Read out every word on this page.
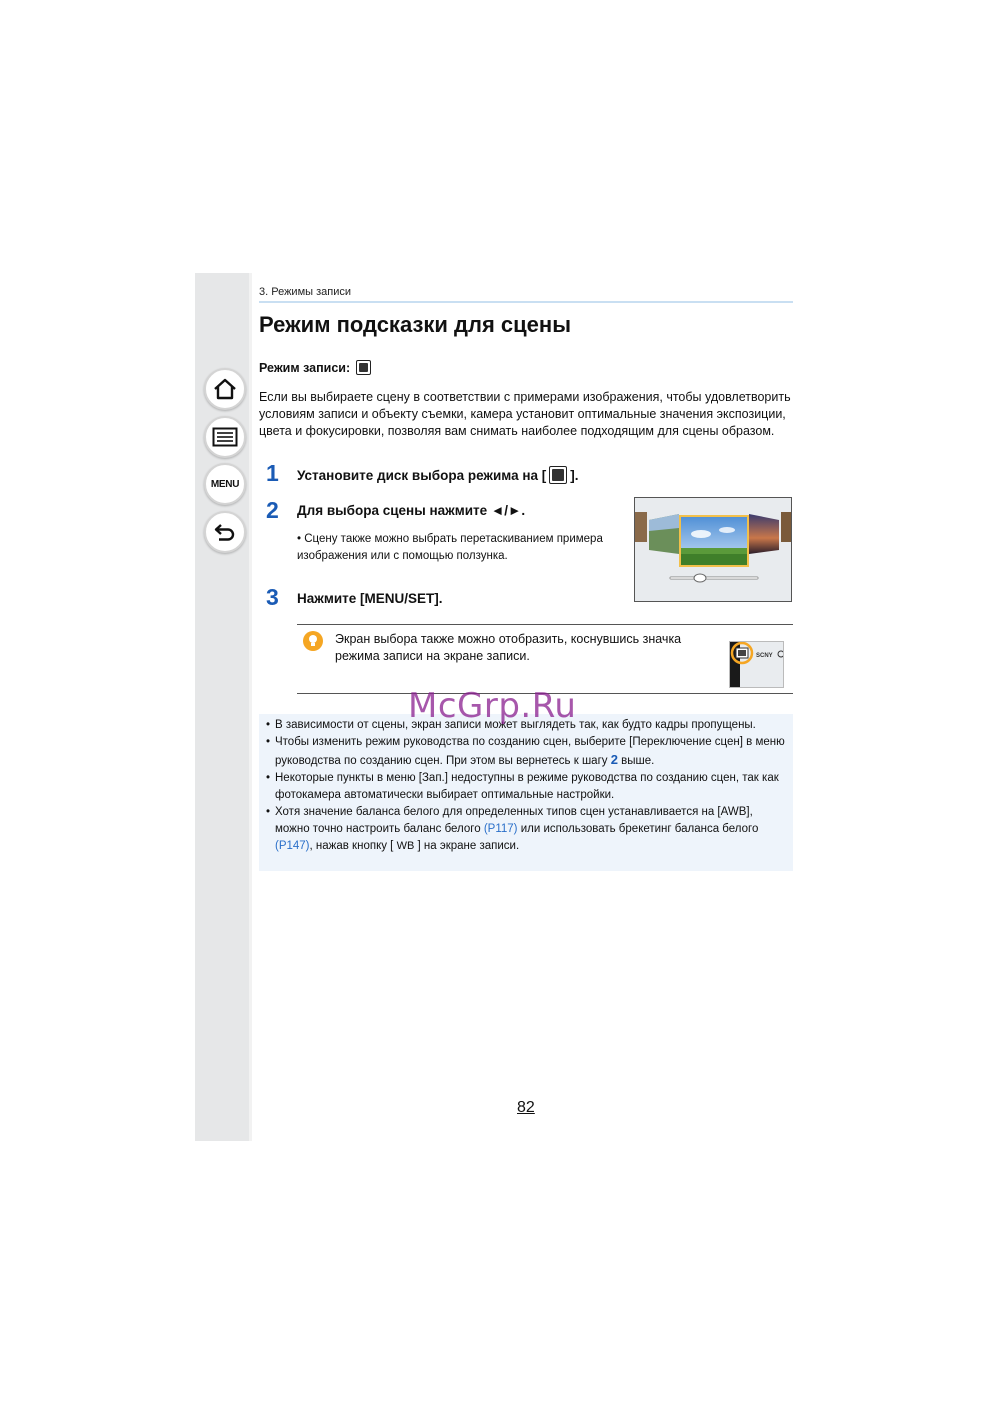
MENU
3. Режимы записи
Режим подсказки для сцены
Режим записи:

Если вы выбираете сцену в соответствии с примерами изображения, чтобы удовлетворить условиям записи и объекту съемки, камера установит оптимальные значения экспозиции, цвета и фокусировки, позволяя вам снимать наиболее подходящим для сцены образом.

1 Установите диск выбора режима на [ ].
2 Для выбора сцены нажмите ◄/►.
• Сцену также можно выбрать перетаскиванием примера изображения или с помощью ползунка.
3 Нажмите [MENU/SET].
Экран выбора также можно отобразить, коснувшись значка режима записи на экране записи.	SCNY
• В зависимости от сцены, экран записи может выглядеть так, как будто кадры пропущены.
• Чтобы изменить режим руководства по созданию сцен, выберите [Переключение сцен] в меню руководства по созданию сцен. При этом вы вернетесь к шагу 2 выше.
• Некоторые пункты в меню [Зап.] недоступны в режиме руководства по созданию сцен, так как фотокамера автоматически выбирает оптимальные настройки.
• Хотя значение баланса белого для определенных типов сцен устанавливается на [AWB], можно точно настроить баланс белого (P117) или использовать брекетинг баланса белого (P147), нажав кнопку [ WB ] на экране записи.
McGrp.Ru
82
